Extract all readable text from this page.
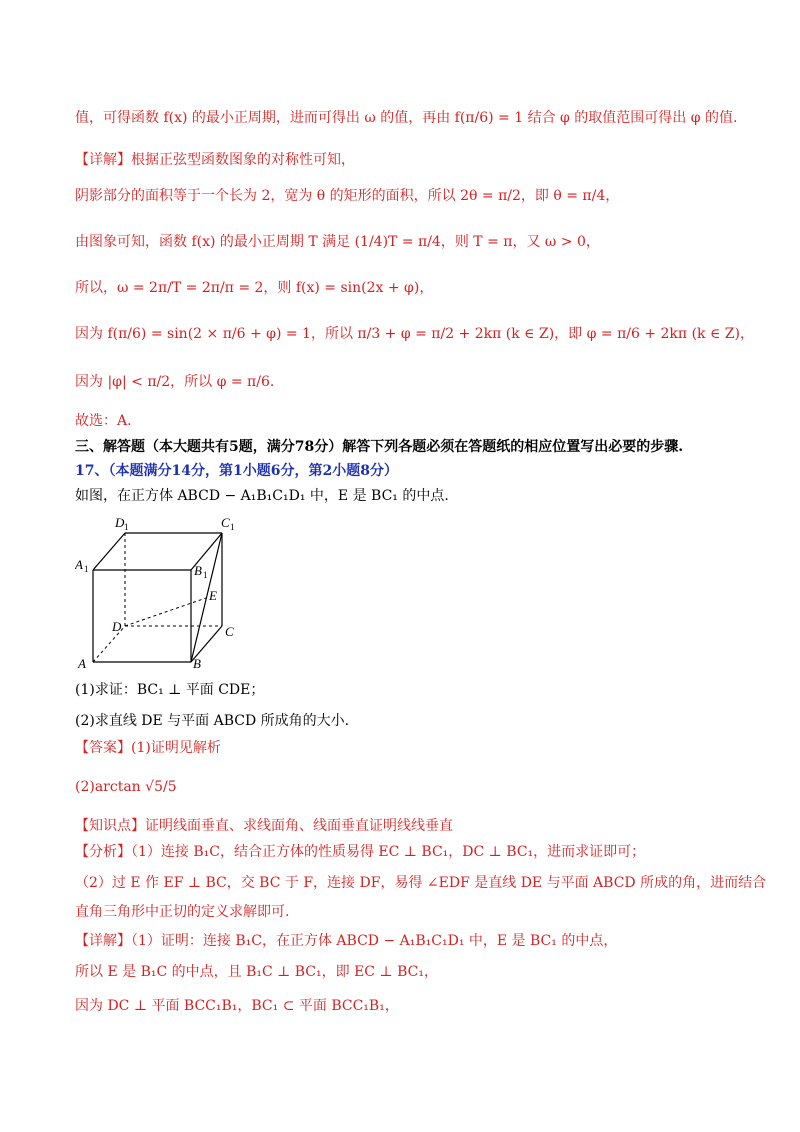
值，可得函数 f(x) 的最小正周期，进而可得出 ω 的值，再由 f(π/6) = 1 结合 φ 的取值范围可得出 φ 的值.
【详解】根据正弦型函数图象的对称性可知，
阴影部分的面积等于一个长为 2，宽为 θ 的矩形的面积，所以 2θ = π/2，即 θ = π/4，
由图象可知，函数 f(x) 的最小正周期 T 满足 (1/4)T = π/4，则 T = π，又 ω > 0，
所以，ω = 2π/T = 2π/π = 2，则 f(x) = sin(2x + φ)，
因为 f(π/6) = sin(2 × π/6 + φ) = 1，所以 π/3 + φ = π/2 + 2kπ (k ∈ Z)，即 φ = π/6 + 2kπ (k ∈ Z)，
因为 |φ| < π/2，所以 φ = π/6.
故选：A.
三、解答题（本大题共有5题，满分78分）解答下列各题必须在答题纸的相应位置写出必要的步骤.
17、（本题满分14分，第1小题6分，第2小题8分）
如图，在正方体 ABCD − A₁B₁C₁D₁ 中，E 是 BC₁ 的中点.
D 1	C 1
A 1	B 1
E
D	C
A	B
(1)求证：BC₁ ⊥ 平面 CDE；
(2)求直线 DE 与平面 ABCD 所成角的大小.
【答案】(1)证明见解析
(2)arctan √5/5
【知识点】证明线面垂直、求线面角、线面垂直证明线线垂直
【分析】（1）连接 B₁C，结合正方体的性质易得 EC ⊥ BC₁，DC ⊥ BC₁，进而求证即可；
（2）过 E 作 EF ⊥ BC，交 BC 于 F，连接 DF，易得 ∠EDF 是直线 DE 与平面 ABCD 所成的角，进而结合
直角三角形中正切的定义求解即可.
【详解】（1）证明：连接 B₁C，在正方体 ABCD − A₁B₁C₁D₁ 中，E 是 BC₁ 的中点，
所以 E 是 B₁C 的中点，且 B₁C ⊥ BC₁，即 EC ⊥ BC₁，
因为 DC ⊥ 平面 BCC₁B₁，BC₁ ⊂ 平面 BCC₁B₁，
